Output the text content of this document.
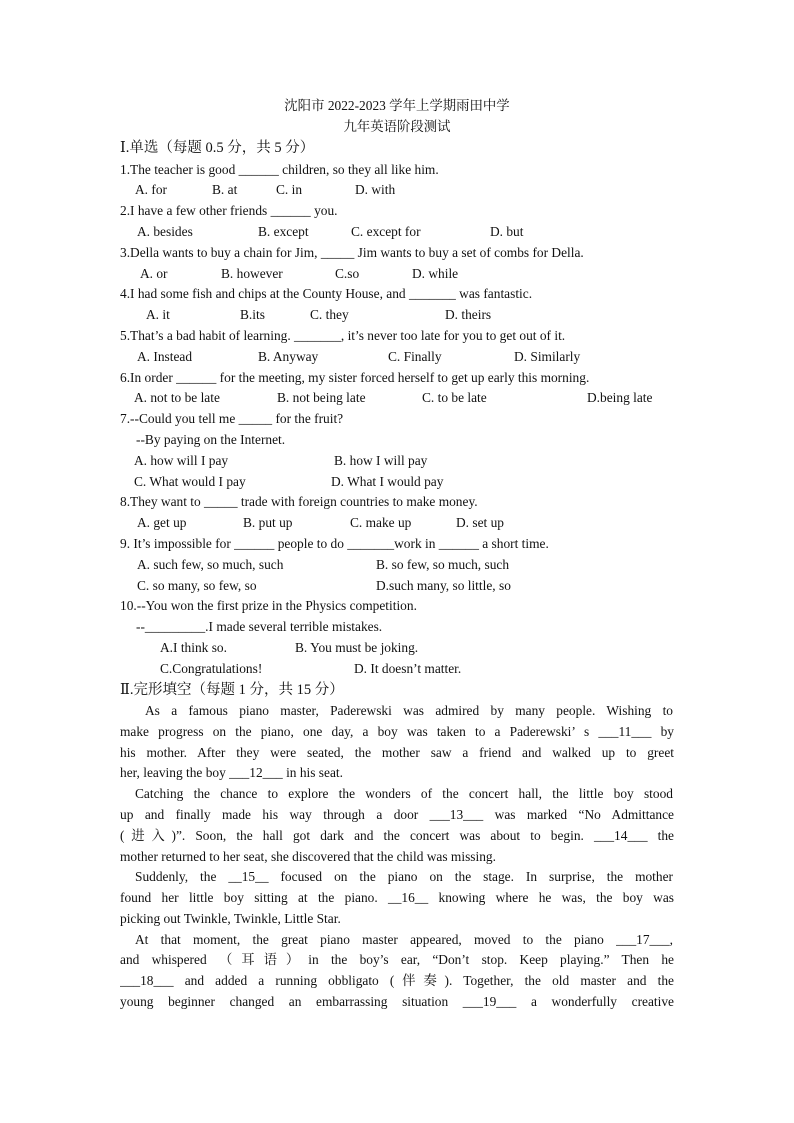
沈阳市 2022-2023 学年上学期雨田中学
九年英语阶段测试
Ⅰ.单选（每题 0.5 分，共 5 分）
1.The teacher is good ______ children, so they all like him.
A. for	B. at	C. in	D. with
2.I have a few other friends ______ you.
A. besides	B. except	C. except for	D. but
3.Della wants to buy a chain for Jim, _____ Jim wants to buy a set of combs for Della.
A. or	B. however	C.so	D. while
4.I had some fish and chips at the County House, and _______ was fantastic.
A. it	B.its	C. they	D. theirs
5.That’s a bad habit of learning. _______, it’s never too late for you to get out of it.
A. Instead	B. Anyway	C. Finally	D. Similarly
6.In order ______ for the meeting, my sister forced herself to get up early this morning.
A. not to be late	B. not being late	C. to be late	D.being late
7.--Could you tell me _____ for the fruit?
--By paying on the Internet.
A. how will I pay	B. how I will pay
C. What would I pay	D. What I would pay
8.They want to _____ trade with foreign countries to make money.
A. get up	B. put up	C. make up	D. set up
9. It’s impossible for ______ people to do _______work in ______ a short time.
A. such few, so much, such	B. so few, so much, such
C. so many, so few, so	D.such many, so little, so
10.--You won the first prize in the Physics competition.
--_________.I made several terrible mistakes.
A.I think so.	B. You must be joking.
C.Congratulations!	D. It doesn’t matter.
Ⅱ.完形填空（每题 1 分，共 15 分）
As a famous piano master, Paderewski was admired by many people. Wishing to
make progress on the piano, one day, a boy was taken to a Paderewski’ s ___11___ by
his mother. After they were seated, the mother saw a friend and walked up to greet
her, leaving the boy ___12___ in his seat.
Catching the chance to explore the wonders of the concert hall, the little boy stood
up and finally made his way through a door ___13___ was marked “No Admittance
(进入)”. Soon, the hall got dark and the concert was about to begin. ___14___ the
mother returned to her seat, she discovered that the child was missing.
Suddenly, the __15__ focused on the piano on the stage. In surprise, the mother
found her little boy sitting at the piano. __16__ knowing where he was, the boy was
picking out Twinkle, Twinkle, Little Star.
At that moment, the great piano master appeared, moved to the piano ___17___,
and whispered （耳语）in the boy’s ear, “Don’t stop. Keep playing.” Then he
___18___ and added a running obbligato (伴奏). Together, the old master and the
young beginner changed an embarrassing situation ___19___ a wonderfully creative
